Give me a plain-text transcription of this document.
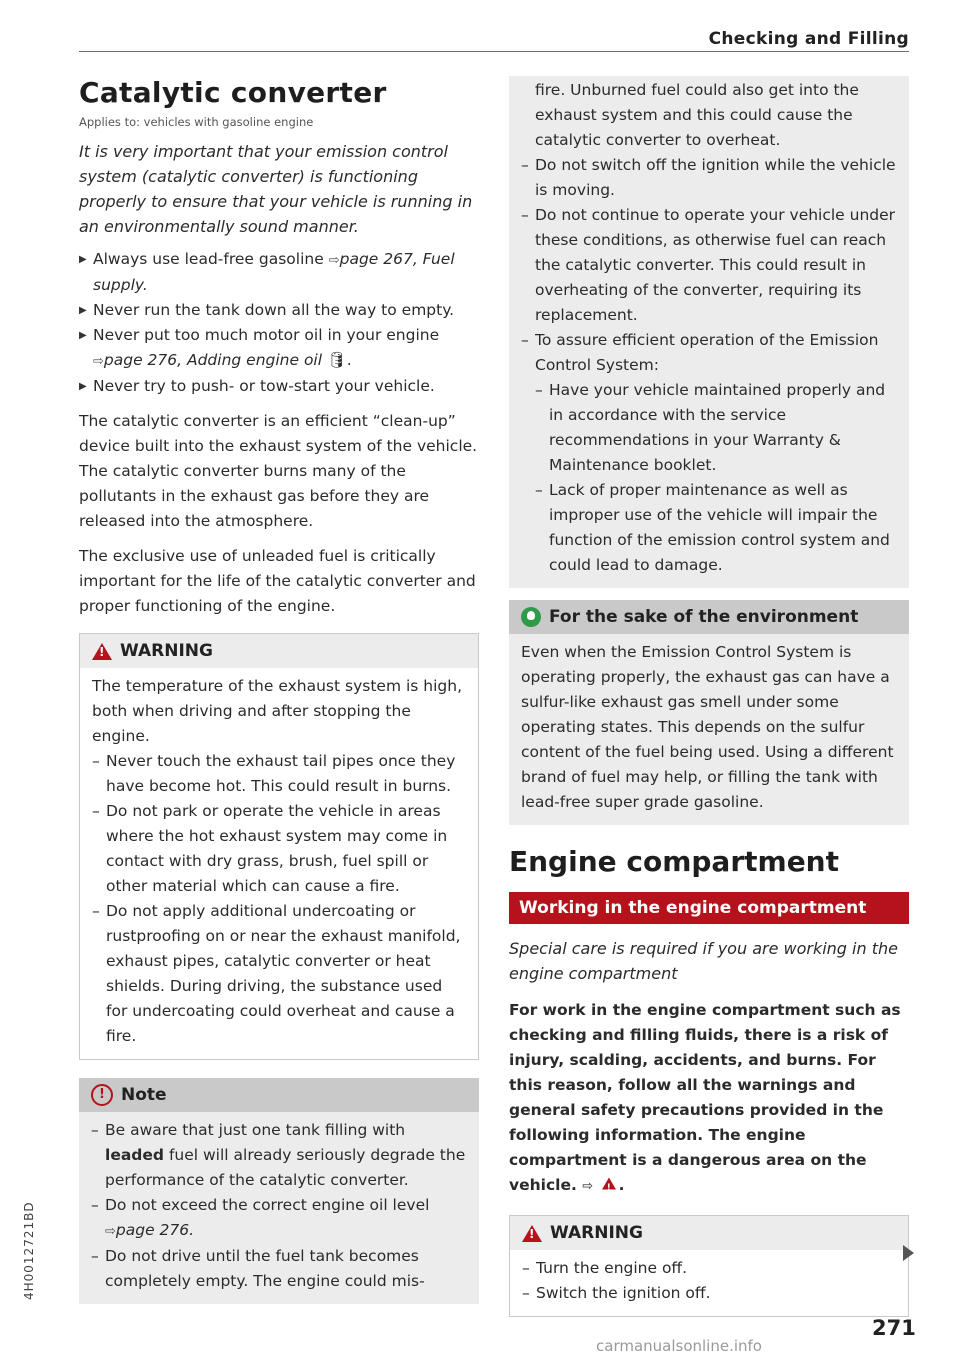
Checking and Filling
Catalytic converter
Applies to: vehicles with gasoline engine
It is very important that your emission control system (catalytic converter) is functioning properly to ensure that your vehicle is running in an environmentally sound manner.
▶ Always use lead-free gasoline ⇨page 267, Fuel supply.
▶ Never run the tank down all the way to empty.
▶ Never put too much motor oil in your engine ⇨page 276, Adding engine oil 🛢.
▶ Never try to push- or tow-start your vehicle.

The catalytic converter is an efficient “clean-up” device built into the exhaust system of the vehicle. The catalytic converter burns many of the pollutants in the exhaust gas before they are released into the atmosphere.

The exclusive use of unleaded fuel is critically important for the life of the catalytic converter and proper functioning of the engine.

!
WARNING

The temperature of the exhaust system is high, both when driving and after stopping the engine.

– Never touch the exhaust tail pipes once they have become hot. This could result in burns.

– Do not park or operate the vehicle in areas where the hot exhaust system may come in contact with dry grass, brush, fuel spill or other material which can cause a fire.

– Do not apply additional undercoating or rustproofing on or near the exhaust manifold, exhaust pipes, catalytic converter or heat shields. During driving, the substance used for undercoating could overheat and cause a fire.

! Note

– Be aware that just one tank filling with
leaded fuel will already seriously degrade the performance of the catalytic converter.

– Do not exceed the correct engine oil level
⇨page 276.

– Do not drive until the fuel tank becomes completely empty. The engine could mis-

fire. Unburned fuel could also get into the exhaust system and this could cause the catalytic converter to overheat.

– Do not switch off the ignition while the vehicle is moving.

– Do not continue to operate your vehicle under these conditions, as otherwise fuel can reach the catalytic converter. This could result in overheating of the converter, requiring its replacement.

– To assure efficient operation of the Emission Control System:

– Have your vehicle maintained properly and in accordance with the service recommendations in your Warranty & Maintenance booklet.

– Lack of proper maintenance as well as improper use of the vehicle will impair the function of the emission control system and could lead to damage.

For the sake of the environment

Even when the Emission Control System is operating properly, the exhaust gas can have a sulfur-like exhaust gas smell under some operating states. This depends on the sulfur content of the fuel being used. Using a different brand of fuel may help, or filling the tank with lead-free super grade gasoline.

Engine compartment
Working in the engine compartment
Special care is required if you are working in the engine compartment

For work in the engine compartment such as checking and filling fluids, there is a risk of injury, scalding, accidents, and burns. For this reason, follow all the warnings and general safety precautions provided in the following information. The engine compartment is a dangerous area on the vehicle. ⇨ ! .

!
WARNING

– Turn the engine off.

– Switch the ignition off.

271
4H0012721BD
carmanualsonline.info
